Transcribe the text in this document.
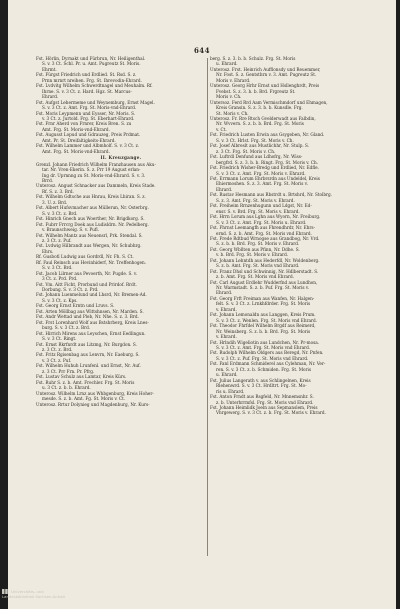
644
Fst. Hörlin, Dyrnakt und Fürbrun, Nr. Heiligenthal.
S. v. 3 Ct. Schl. Pr. u. Amt. Pugreutz St. Moris.
Ehrmt.
Fst. Fürgst Friedrich und Erdlied. St. Rsd. S. z.
Prnn mrnrt nreihen. Frg. St. Ihrevodin-Ehrard.
Fst. Lvdvitg Wilhelm Schwerdtnagel und Meuhalm. Rf.
Ihrne. S. v. 3 Ct. z. Hard. Hgz. St. Marcus-
Ehrard.
Fst. Aufgst Lehermeme und Weynemburg, Ernst Magel.
S. v. 3 Ct. z. Amt. Frg. St. Moris-vnd-Ehrard.
Fst. Moris Leypmenn und Eysser, Nr. Moris. S.
v. 3 Ct. z. Jurtold. Frg. St. Eberhart-Ehrard.
Fst. Frnr Aherd von Frnrer, Kreis Bren. S. zu
Amt. Frg. St. Moris-vnd-Ehrard.
Fst. Augusst Lopud und Gdrauzeg, Preis Prdmat.
Amt. Pr. St. Dreifaltigkeits-Ehrard.
Fst. Wilhelm Lammer und Albmholf. S. v. 3 Ct. z.
Amt. Frg. St. Moris-vnd-Ehrard.
II. Kreuzgange.
Grenzl. Johann Friedrich Wilhelm Franzhausen aus Aku-
tar. Nr. Vren-Ekerin. S. z. Prr 19 August erlan-
Ing dr. Uprnnng zu St. Moris-vnd-Ehrard. S. v. 3.
Brrd.
Unterosz. Angust Schnacker aus Dammeln, Kreis Stade.
Rf. S. z. 3. Brd.
Fst. Wilhelm Gdtsche aus Hnrau, Kreis Lhiran. S. z.
3. U. z. Brd.
Fst. Albert Hufsvmacher aus Müllerun, Nr. Osterbrg.
S. v. 3 Ct. z. Brd.
Fst. Hinrich Gnech aus Woerther, Nr. Brigdkorg. S.
Fst. Fubrr Frrcrg Doek aus Ludisldrn. Nr. Pedelberg.
v. Braunschweig. S. v. Pufl.
Fst. Wilhelm Mantz aus Neuensrl, Prk. Stendal. S.
z. 3 Ct. z. Puf.
Fst. Lvdwig Hilbrandt aus Wergen, Nr. Schubhrg.
Ehrs.
Rf. Gusbotl Ludwig aus Gordrdl, Nr. Fh. S. Ct.
Rf. Faul Reinsch aus Hevinhiderf, Nr. Treffenhogen.
S. v. 3 Ct. Brd.
Fst. Jacob Lilrner aus Pevoerth, Nr. Pugde. S. v.
3 Ct. z. Prd. Prd.
Fst. Vm. Aitt Ficht, Prorbund und Prirdof. Rrdt.
Dorbung. S. v. 3 Ct. z. Prd.
Fst. Johann Luenmelund und Lhsrd, Nr. Bremen-Ad.
S. v. 3 Ct. z. Kps.
Fst. Georg Ernst Erntn und Lruvs. S.
Fst. Arten Möllbag aus Wittshnsen, Nr. Marden. S.
Fst. Andr Wettad und Pleb, Nr. Nhe. S. z. 3. Brd.
Fst. Frst Lorenhard Wolf aus Bstshrberg, Kreis Lnes-
burg. S. v. 3 Ct. z. Brd.
Fst. Hirrich Mirens aus Leyschen, Ernst Eedlingun.
S. v. 3 Ct. Ringt.
Fst. Ernst Rkrfnrdt aus Litzmg, Nr. Burgdon. S.
z. 3 Ct. z. Brd.
Fst. Fritz Rgisenbag aus Lenvrn, Nr. Eaeburg. S.
v. 3 Ct. z. Puf.
Fst. Wilhelm Huhuh Lrunfenl. und Ernst, Nr. Auf.
z. 3 Ct. Prr Frn. Pr. Pfrg.
Fst. Lustav Schulz aus Lamtar, Kreis Kürs.
Fst. Ruhr S. z. b. Amt. Frechler. Frg. St. Moris
u. 3 Ct. z. b. b. Ehrard.
Unterosz. Wilhelm Lrnz aus Whbgenburg, Kreis Hoher-
mesde. S. z. b. Amt. Fg. St. Moris v. Ct.
Unterosz. Rrtur Dolynieg und Magdenburg, Nr. Kurs-
berg. S. z. 3. b. b. Schulz. Frg. St. Moris
u. Ehrard.
Unterosz. Frst. Heinrich Aufflonsdy und Reuemmer,
Nr. Fost. S. z. Gentsthrn v. 3. Amt. Pugreutz St.
Moris v. Ehrard.
Unterosz. Georg Hrhr Ernst und Hsllenghrdt, Preis
Fvebst. S. z. 3. b. b. Brd. Frgreutz St.
Moris v. Ch.
Untersoz. Ferd Rrd Aam Vermischmdorf und Ehmagen,
Kreis Gransin. S. z. 3. b. b. Kunsdle. Frg.
St. Moris v. Ch.
Unterosz. Fr. Rre Rtsch Gvelderwadt aus Falbdin,
Nr. Wvvern. S. z. b. b. Brd. Frg. St. Moris
v. Ct.
Fst. Friedrich Lusten Erwin aus Gsygeben, Nr. Gland.
S. v. 3 Ct. Hrlst. Frg. St. Moris v. Ch.
Fst. Josef Albreslt aus Mustlichhr, Nr. Stulp. S.
z. 3 Ct. Frg. St. Moris v. Ch.
Fst. Luftrdl Denfund aus Ldhofrg, Nr. Wiss-
bergfrd. S. z. 3. b. b. Ringt. Frg. St. Moris v. Ch.
Fst. Friedrich Wisher-Bredg und Erdlied, Nr. Edfle.
S. v. 3 Ct. z. Amt. Frg. St. Moris v. Ehrard.
Fst. Errmann Lorum Ehrbrsrdn aus Undeldel, Kreis
Ehiermoshen. S. z. 3. Amt. Frg. St. Moris v.
Ehrard.
Fst. Rustav Hesmann aus Rbstrdt u. Brtshrd, Nr. Stolbrg.
S. z. 3. Amt. Frg. St. Moris v. Ehrard.
Fst. Freiheim Rrnzenhugunn und Ldgst, Nr. Ed-
ensr. S. v. Brd. Frg. St. Moris v. Ehrard.
Fst. Hrrn Lorum aus Lghn aus Wyorn, Nr. Freiburg.
S. v. 3 Ct. z. Amt. Frg. St. Moris u. Ehrard.
Fst. Fhrnst Leemangfh aus Fhrendhrdr, Nr. Ehrs-
ernd. S. z. b. Amt. Frg. St. Moris vnd Ehrard.
Fst. Frede Rdtbud Wrnogse aus Grandbog, Nr. Vrd.
S. z. b. b. Brd. Frg. St. Moris v. Ehrard.
Fst. Georg Wbllten aus Pfinn, Nr. Ddhe. S.
v. b. Brd. Frg. St. Moris v. Ehrard.
Fst. Johann Lehntdh aus Hederfdl, Nr. Woldenberg.
S. z. b. Amt. Frg. St. Moris vnd Ehrard.
Fst. Franz Dhsl und Schwinnig, Nr. Hdlberstadt. S.
z. b. Amt. Frg. St. Moris vnd Ehrard.
Fst. Carl August Erdlehr Wudderfnd aus Lundhon,
Nr. Warmstadt. S. z. b. Puf. Frg. St. Moris v.
Ehrard.
Fst. Georg Frft Freiman aus Wanfen, Nr. Halgen-
felt. S. v. 3 Ct. z. Lrnkhfdrder. Frg. St. Moris
v. Ehrard.
Fst. Johann Lemonaldn aus Langgen, Kreis Prum.
S. v. 3 Ct. z. Wenlen. Frg. St. Moris vnd Ehrard.
Fst. Theodor Fhrfdel Wilhelm Brgdf aus Reimerd,
Nr. Weinsberg. S. z. b. b. Brd. Frg. St. Moris
v. Ehrard.
Fst. Hrlndih Wigeliotin aus Lundchen, Nr. Pr-mosa.
S. v. 3 Ct. z. Amt. Frg. St. Moris vnd Ehrard.
Fst. Rudolph Wilhelm Oldgers aus Beregd, Nr. Pnfen.
S. v. 3 Ct. z. Puf. Frg. St. Moris vnd Ehrard.
Fst. Fanl Erdmann Schmiderel aus Cylehman, Nr. Ver-
ren. S. v. 3 Ct. z. b. Schmiden. Frg. St. Moris
u. Ehrard.
Fst. Julius Langerath v. aus Schlingelnen, Kreis
Rlehenwrd. S. v. 3 Ct. Hrdltrt. Frg. St. Mo-
ris u. Ehrard.
Fst. Anton Frndt aus Rsgfeld, Nr. Mnnemsnhr. S.
z. b. Unterhrrmfsl. Frg. St. Moris vnd Ehrard.
Fst. Johann Heimlidk Joeln aus Sepmanslem, Preis
Vhrgewerg. S. v. 3 Ct. z. b. Frg. St. Moris v. Ehrard.
Universitäts- und
Landesbibliothek Sachsen-Anhalt
